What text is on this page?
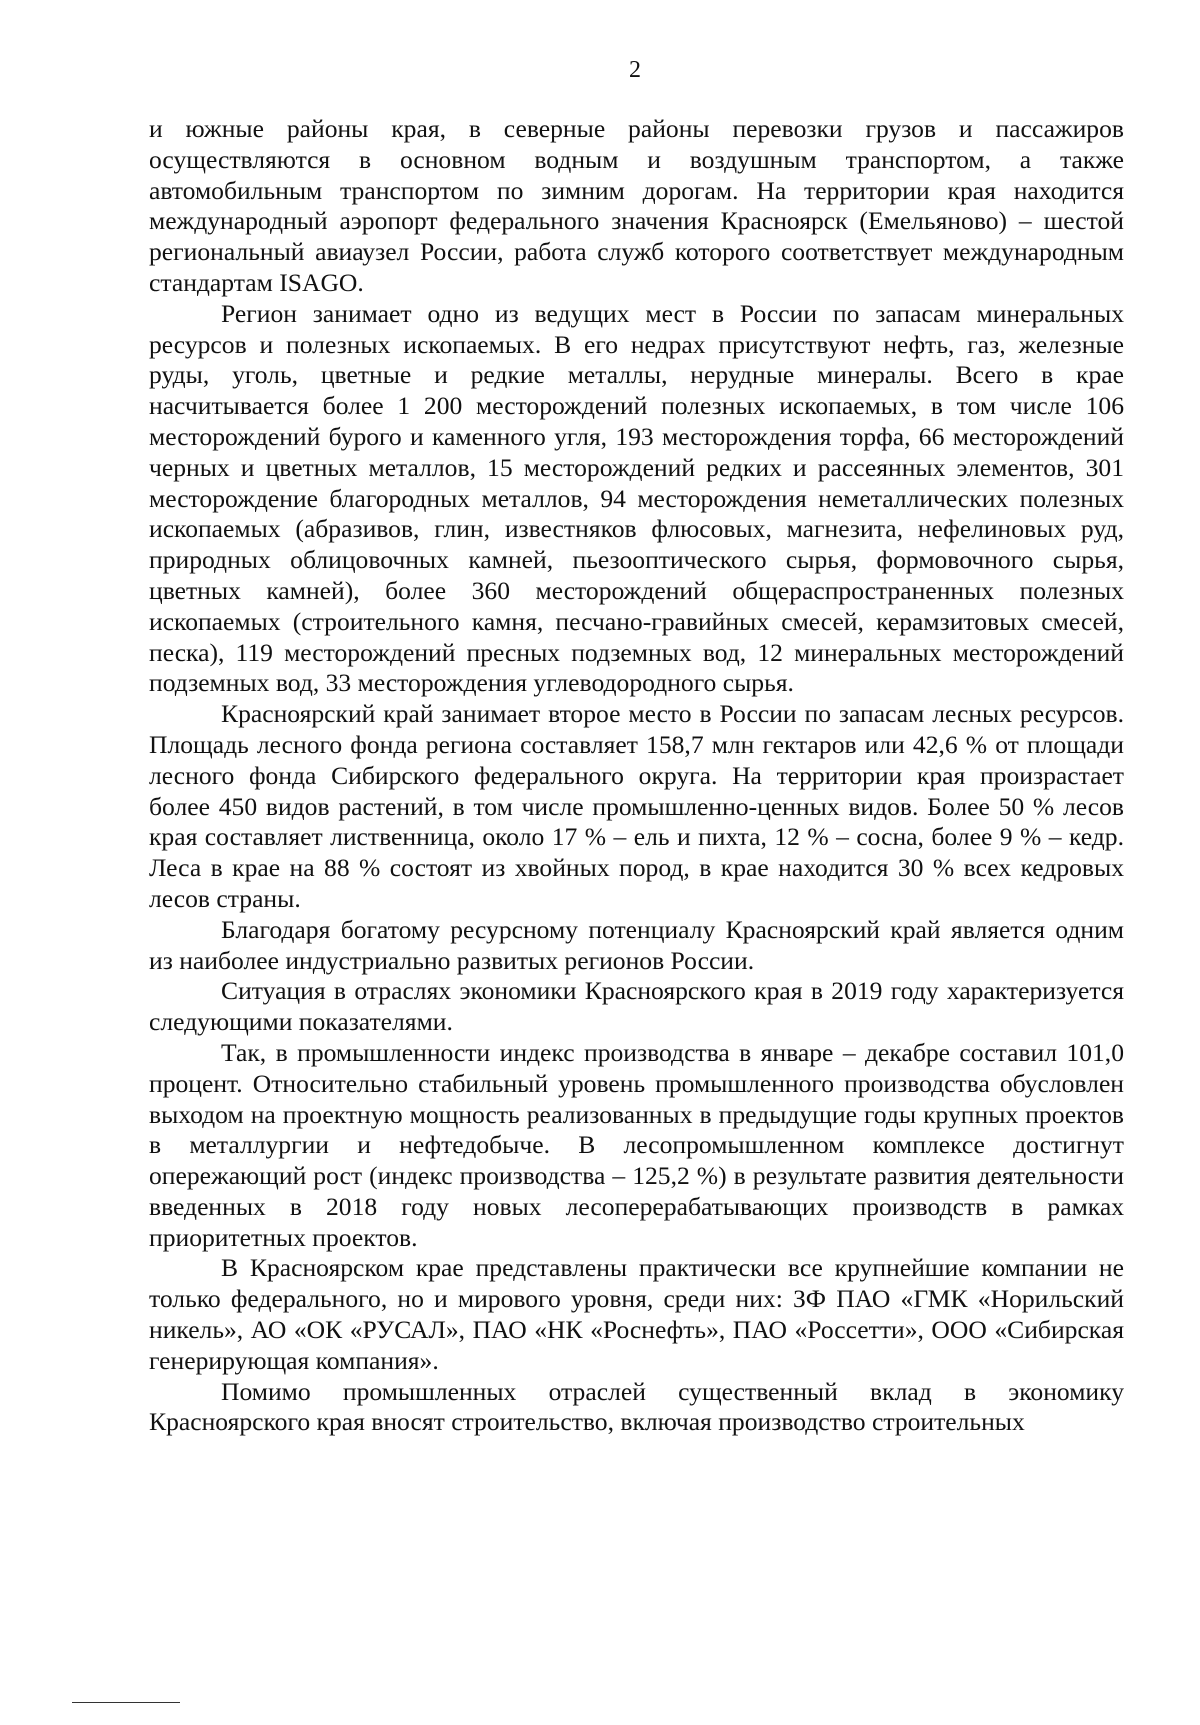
2

и южные районы края, в северные районы перевозки грузов и пассажиров осуществляются в основном водным и воздушным транспортом, а также автомобильным транспортом по зимним дорогам. На территории края находится международный аэропорт федерального значения Красноярск (Емельяново) – шестой региональный авиаузел России, работа служб которого соответствует международным стандартам ISAGO.

Регион занимает одно из ведущих мест в России по запасам минеральных ресурсов и полезных ископаемых. В его недрах присутствуют нефть, газ, железные руды, уголь, цветные и редкие металлы, нерудные минералы. Всего в крае насчитывается более 1 200 месторождений полезных ископаемых, в том числе 106 месторождений бурого и каменного угля, 193 месторождения торфа, 66 месторождений черных и цветных металлов, 15 месторождений редких и рассеянных элементов, 301 месторождение благородных металлов, 94 месторождения неметаллических полезных ископаемых (абразивов, глин, известняков флюсовых, магнезита, нефелиновых руд, природных облицовочных камней, пьезооптического сырья, формовочного сырья, цветных камней), более 360 месторождений общераспространенных полезных ископаемых (строительного камня, песчано-гравийных смесей, керамзитовых смесей, песка), 119 месторождений пресных подземных вод, 12 минеральных месторождений подземных вод, 33 месторождения углеводородного сырья.

Красноярский край занимает второе место в России по запасам лесных ресурсов. Площадь лесного фонда региона составляет 158,7 млн гектаров или 42,6 % от площади лесного фонда Сибирского федерального округа. На территории края произрастает более 450 видов растений, в том числе промышленно-ценных видов. Более 50 % лесов края составляет лиственница, около 17 % – ель и пихта, 12 % – сосна, более 9 % – кедр. Леса в крае на 88 % состоят из хвойных пород, в крае находится 30 % всех кедровых лесов страны.

Благодаря богатому ресурсному потенциалу Красноярский край является одним из наиболее индустриально развитых регионов России.

Ситуация в отраслях экономики Красноярского края в 2019 году характеризуется следующими показателями.

Так, в промышленности индекс производства в январе – декабре составил 101,0 процент. Относительно стабильный уровень промышленного производства обусловлен выходом на проектную мощность реализованных в предыдущие годы крупных проектов в металлургии и нефтедобыче. В лесопромышленном комплексе достигнут опережающий рост (индекс производства – 125,2 %) в результате развития деятельности введенных в 2018 году новых лесоперерабатывающих производств в рамках приоритетных проектов.

В Красноярском крае представлены практически все крупнейшие компании не только федерального, но и мирового уровня, среди них: ЗФ ПАО «ГМК «Норильский никель», АО «ОК «РУСАЛ», ПАО «НК «Роснефть», ПАО «Россетти», ООО «Сибирская генерирующая компания».

Помимо промышленных отраслей существенный вклад в экономику Красноярского края вносят строительство, включая производство строительных
